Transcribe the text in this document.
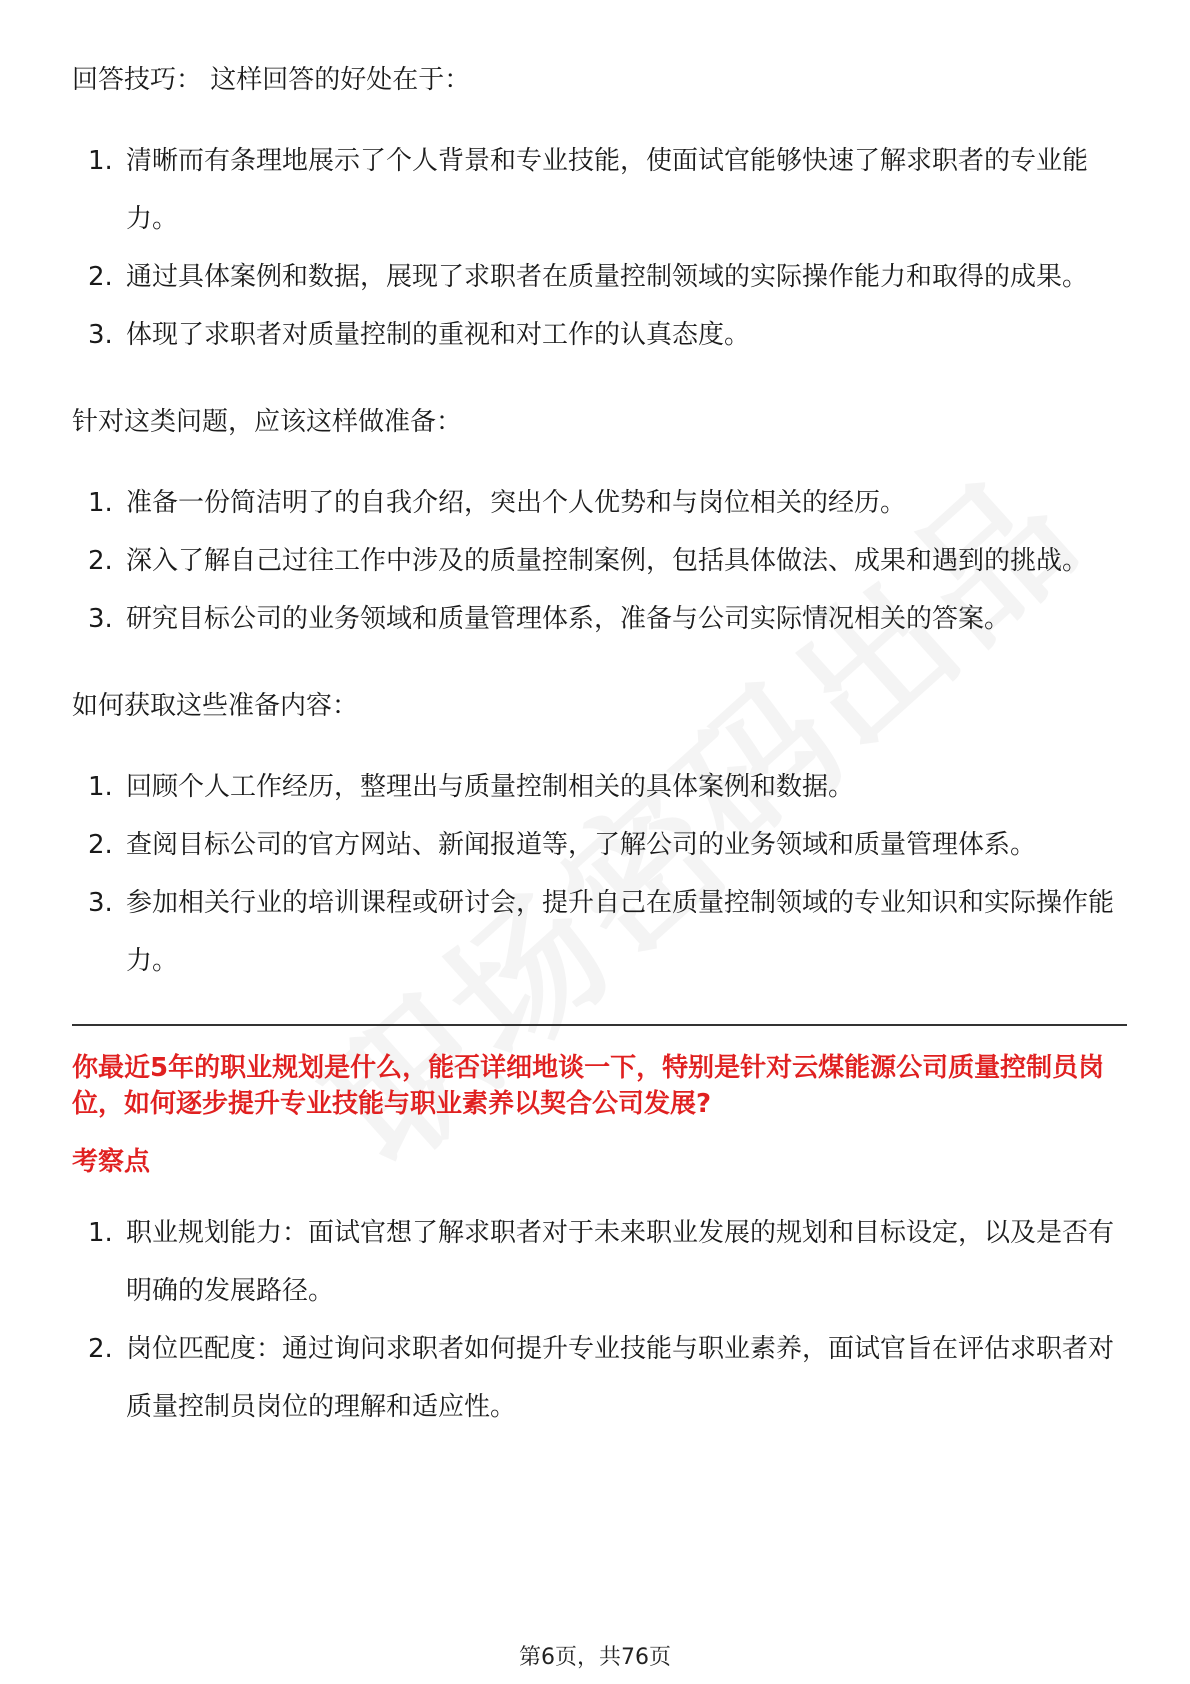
回答技巧： 这样回答的好处在于：

1. 清晰而有条理地展示了个人背景和专业技能，使面试官能够快速了解求职者的专业能力。
2. 通过具体案例和数据，展现了求职者在质量控制领域的实际操作能力和取得的成果。
3. 体现了求职者对质量控制的重视和对工作的认真态度。

针对这类问题，应该这样做准备：

1. 准备一份简洁明了的自我介绍，突出个人优势和与岗位相关的经历。
2. 深入了解自己过往工作中涉及的质量控制案例，包括具体做法、成果和遇到的挑战。
3. 研究目标公司的业务领域和质量管理体系，准备与公司实际情况相关的答案。

如何获取这些准备内容：

1. 回顾个人工作经历，整理出与质量控制相关的具体案例和数据。
2. 查阅目标公司的官方网站、新闻报道等，了解公司的业务领域和质量管理体系。
3. 参加相关行业的培训课程或研讨会，提升自己在质量控制领域的专业知识和实际操作能力。

你最近5年的职业规划是什么，能否详细地谈一下，特别是针对云煤能源公司质量控制员岗位，如何逐步提升专业技能与职业素养以契合公司发展?

考察点

1. 职业规划能力：面试官想了解求职者对于未来职业发展的规划和目标设定，以及是否有明确的发展路径。
2. 岗位匹配度：通过询问求职者如何提升专业技能与职业素养，面试官旨在评估求职者对质量控制员岗位的理解和适应性。
第6页，共76页
